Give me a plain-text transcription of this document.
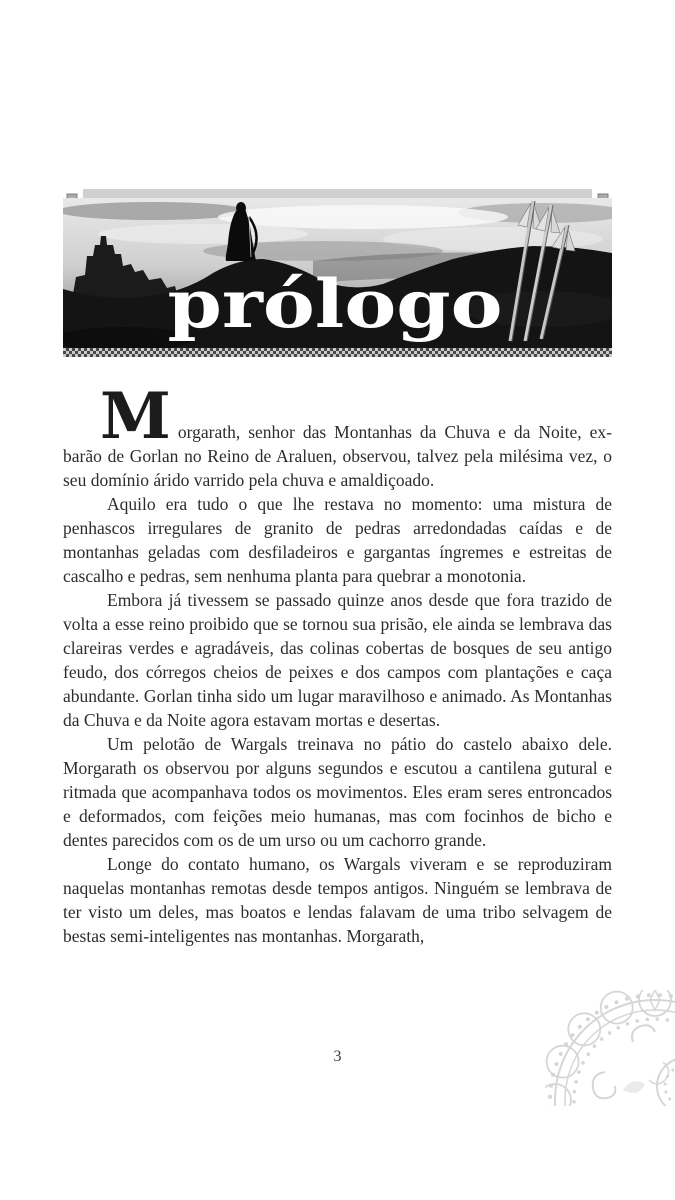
prólogo

Morgarath, senhor das Montanhas da Chuva e da Noite, ex-barão de Gorlan no Reino de Araluen, observou, talvez pela milésima vez, o seu domínio árido varrido pela chuva e amaldiçoado.

Aquilo era tudo o que lhe restava no momento: uma mistura de penhascos irregulares de granito de pedras arredondadas caídas e de montanhas geladas com desfiladeiros e gargantas íngremes e estreitas de cascalho e pedras, sem nenhuma planta para quebrar a monotonia.

Embora já tivessem se passado quinze anos desde que fora trazido de volta a esse reino proibido que se tornou sua prisão, ele ainda se lembrava das clareiras verdes e agradáveis, das colinas cobertas de bosques de seu antigo feudo, dos córregos cheios de peixes e dos campos com plantações e caça abundante. Gorlan tinha sido um lugar maravilhoso e animado. As Montanhas da Chuva e da Noite agora estavam mortas e desertas.

Um pelotão de Wargals treinava no pátio do castelo abaixo dele. Morgarath os observou por alguns segundos e escutou a cantilena gutural e ritmada que acompanhava todos os movimentos. Eles eram seres entroncados e deformados, com feições meio humanas, mas com focinhos de bicho e dentes parecidos com os de um urso ou um cachorro grande.

Longe do contato humano, os Wargals viveram e se reproduziram naquelas montanhas remotas desde tempos antigos. Ninguém se lembrava de ter visto um deles, mas boatos e lendas falavam de uma tribo selvagem de bestas semi-inteligentes nas montanhas. Morgarath,

3
